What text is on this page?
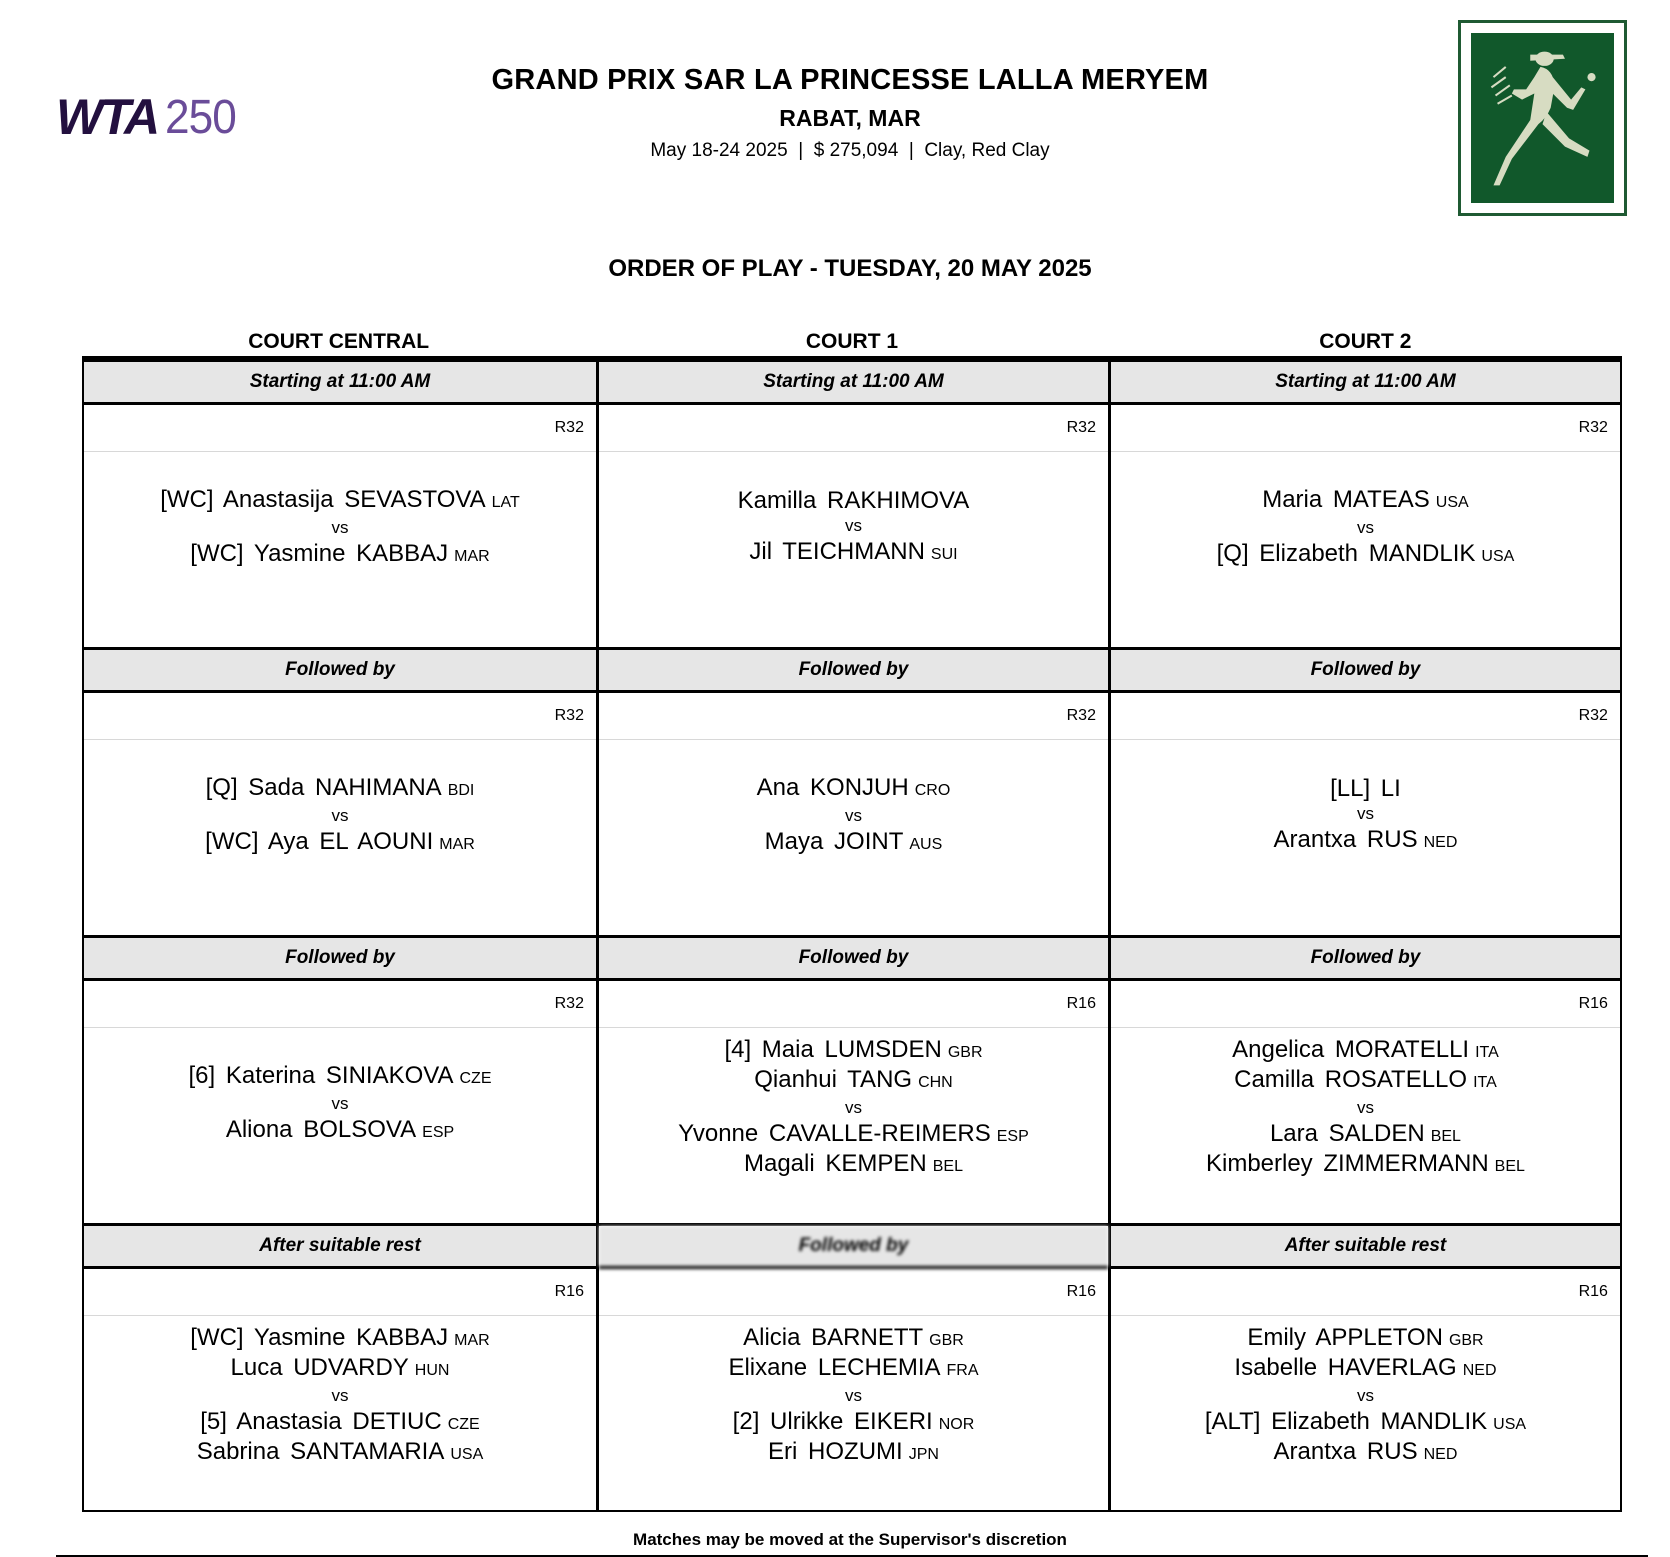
WTA 250
GRAND PRIX SAR LA PRINCESSE LALLA MERYEM
RABAT, MAR
May 18-24 2025 | $ 275,094 | Clay, Red Clay
ORDER OF PLAY - TUESDAY, 20 MAY 2025
COURT CENTRAL	COURT 1	COURT 2
Starting at 11:00 AM
R32
[WC] Anastasija SEVASTOVA LAT
vs
[WC] Yasmine KABBAJ MAR
Followed by
R32
[Q] Sada NAHIMANA BDI
vs
[WC] Aya EL AOUNI MAR
Followed by
R32
[6] Katerina SINIAKOVA CZE
vs
Aliona BOLSOVA ESP
After suitable rest
R16
[WC] Yasmine KABBAJ MAR
Luca UDVARDY HUN
vs
[5] Anastasia DETIUC CZE
Sabrina SANTAMARIA USA
Starting at 11:00 AM
R32
Kamilla RAKHIMOVA
vs
Jil TEICHMANN SUI
Followed by
R32
Ana KONJUH CRO
vs
Maya JOINT AUS
Followed by
R16
[4] Maia LUMSDEN GBR
Qianhui TANG CHN
vs
Yvonne CAVALLE-REIMERS ESP
Magali KEMPEN BEL
Followed by
R16
Alicia BARNETT GBR
Elixane LECHEMIA FRA
vs
[2] Ulrikke EIKERI NOR
Eri HOZUMI JPN
Starting at 11:00 AM
R32
Maria MATEAS USA
vs
[Q] Elizabeth MANDLIK USA
Followed by
R32
[LL] LI
vs
Arantxa RUS NED
Followed by
R16
Angelica MORATELLI ITA
Camilla ROSATELLO ITA
vs
Lara SALDEN BEL
Kimberley ZIMMERMANN BEL
After suitable rest
R16
Emily APPLETON GBR
Isabelle HAVERLAG NED
vs
[ALT] Elizabeth MANDLIK USA
Arantxa RUS NED
Matches may be moved at the Supervisor's discretion
